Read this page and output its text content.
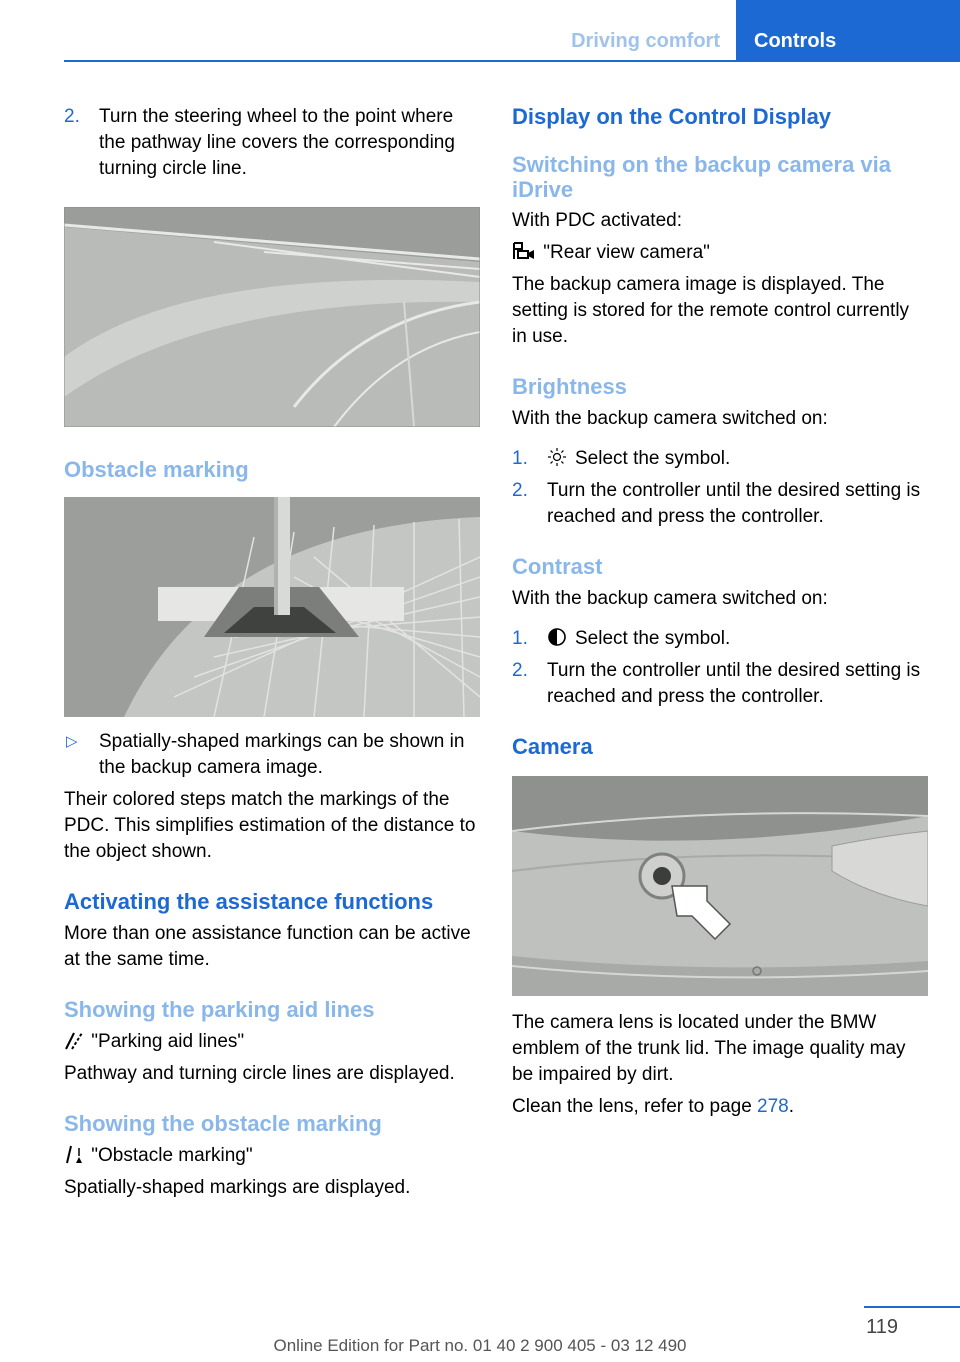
Driving comfort Controls
2. Turn the steering wheel to the point where the pathway line covers the corresponding turning circle line.

Obstacle marking

▷ Spatially-shaped markings can be shown in the backup camera image.

Their colored steps match the markings of the PDC. This simplifies estimation of the distance to the object shown.

Activating the assistance functions

More than one assistance function can be active at the same time.

Showing the parking aid lines

"Parking aid lines"

Pathway and turning circle lines are displayed.

Showing the obstacle marking

"Obstacle marking"

Spatially-shaped markings are displayed.

Display on the Control Display

Switching on the backup camera via iDrive

With PDC activated:

"Rear view camera"

The backup camera image is displayed. The setting is stored for the remote control currently in use.

Brightness

With the backup camera switched on:

1. Select the symbol.
2. Turn the controller until the desired setting is reached and press the controller.

Contrast

With the backup camera switched on:

1. Select the symbol.
2. Turn the controller until the desired setting is reached and press the controller.

Camera

The camera lens is located under the BMW emblem of the trunk lid. The image quality may be impaired by dirt.

Clean the lens, refer to page 278.

119
Online Edition for Part no. 01 40 2 900 405 - 03 12 490
